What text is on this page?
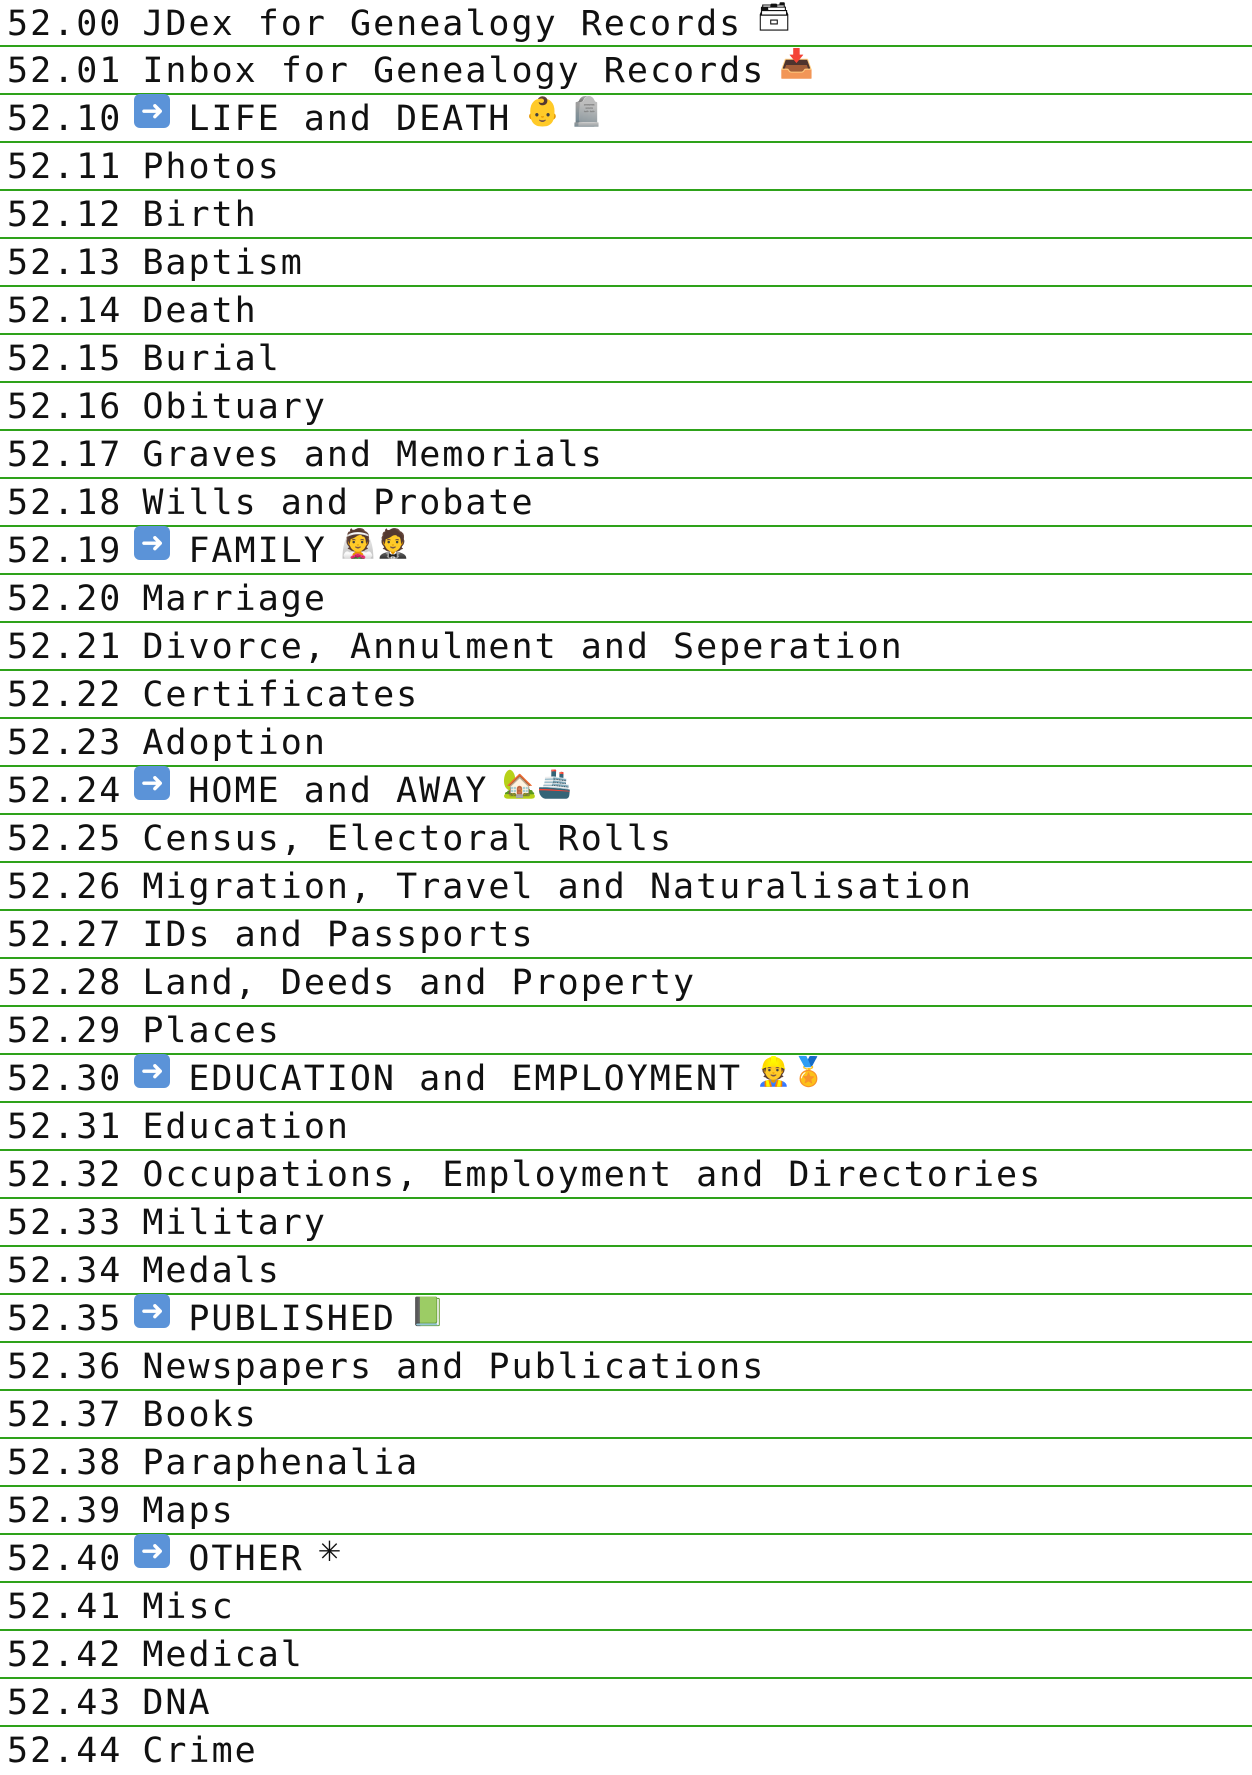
52.00 JDex for Genealogy Records 🗃
52.01 Inbox for Genealogy Records 📥
52.10 ➜ LIFE and DEATH 👶 🪦
52.11 Photos
52.12 Birth
52.13 Baptism
52.14 Death
52.15 Burial
52.16 Obituary
52.17 Graves and Memorials
52.18 Wills and Probate
52.19 ➜ FAMILY 👰🤵
52.20 Marriage
52.21 Divorce, Annulment and Seperation
52.22 Certificates
52.23 Adoption
52.24 ➜ HOME and AWAY 🏡🚢
52.25 Census, Electoral Rolls
52.26 Migration, Travel and Naturalisation
52.27 IDs and Passports
52.28 Land, Deeds and Property
52.29 Places
52.30 ➜ EDUCATION and EMPLOYMENT 👷🏅
52.31 Education
52.32 Occupations, Employment and Directories
52.33 Military
52.34 Medals
52.35 ➜ PUBLISHED 📗
52.36 Newspapers and Publications
52.37 Books
52.38 Paraphenalia
52.39 Maps
52.40 ➜ OTHER ✳
52.41 Misc
52.42 Medical
52.43 DNA
52.44 Crime
